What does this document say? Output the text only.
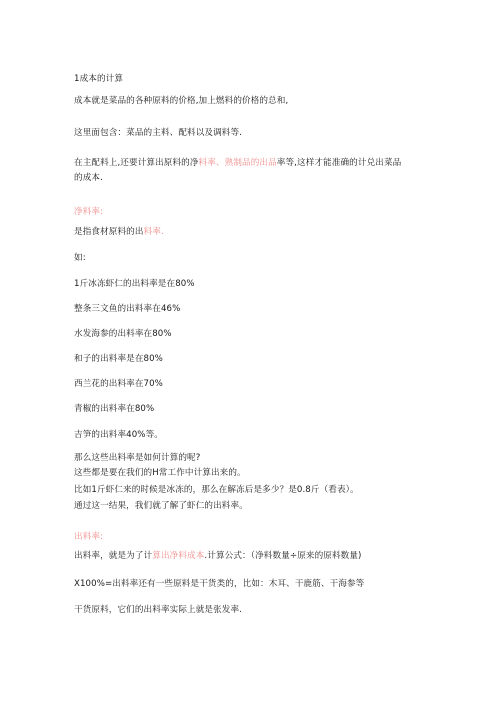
1成本的计算
成本就是菜品的各种原料的价格,加上燃料的价格的总和,
这里面包含：菜品的主料、配料以及调料等.
在主配料上,还要计算出原料的净料率、熟制品的出品率等,这样才能准确的计兑出菜品的成本.
净料率:
是指食材原料的出料率.
如:
1斤冰冻虾仁的出料率是在80%
整条三文鱼的出料率在46%
水发海参的出料率在80%
和子的出料率是在80%
西兰花的出料率在70%
青椒的出料率在80%
吉笋的出料率40%等。
那么这些出料率是如何计算的呢?
这些都是要在我们的H常工作中计算出来的。
比如1斤虾仁来的时候是冰冻的，那么在解冻后是多少？是0.8斤（看表）。
通过这一结果，我们就了解了虾仁的出料率。
出料率:
出料率，就是为了计算出净料成本.计算公式：（净料数量÷原来的原料数量)
X100%=出料率还有一些原料是干货类的，比如：木耳、干鹿筋、干海参等
干货原料，它们的出料率实际上就是张发率.
